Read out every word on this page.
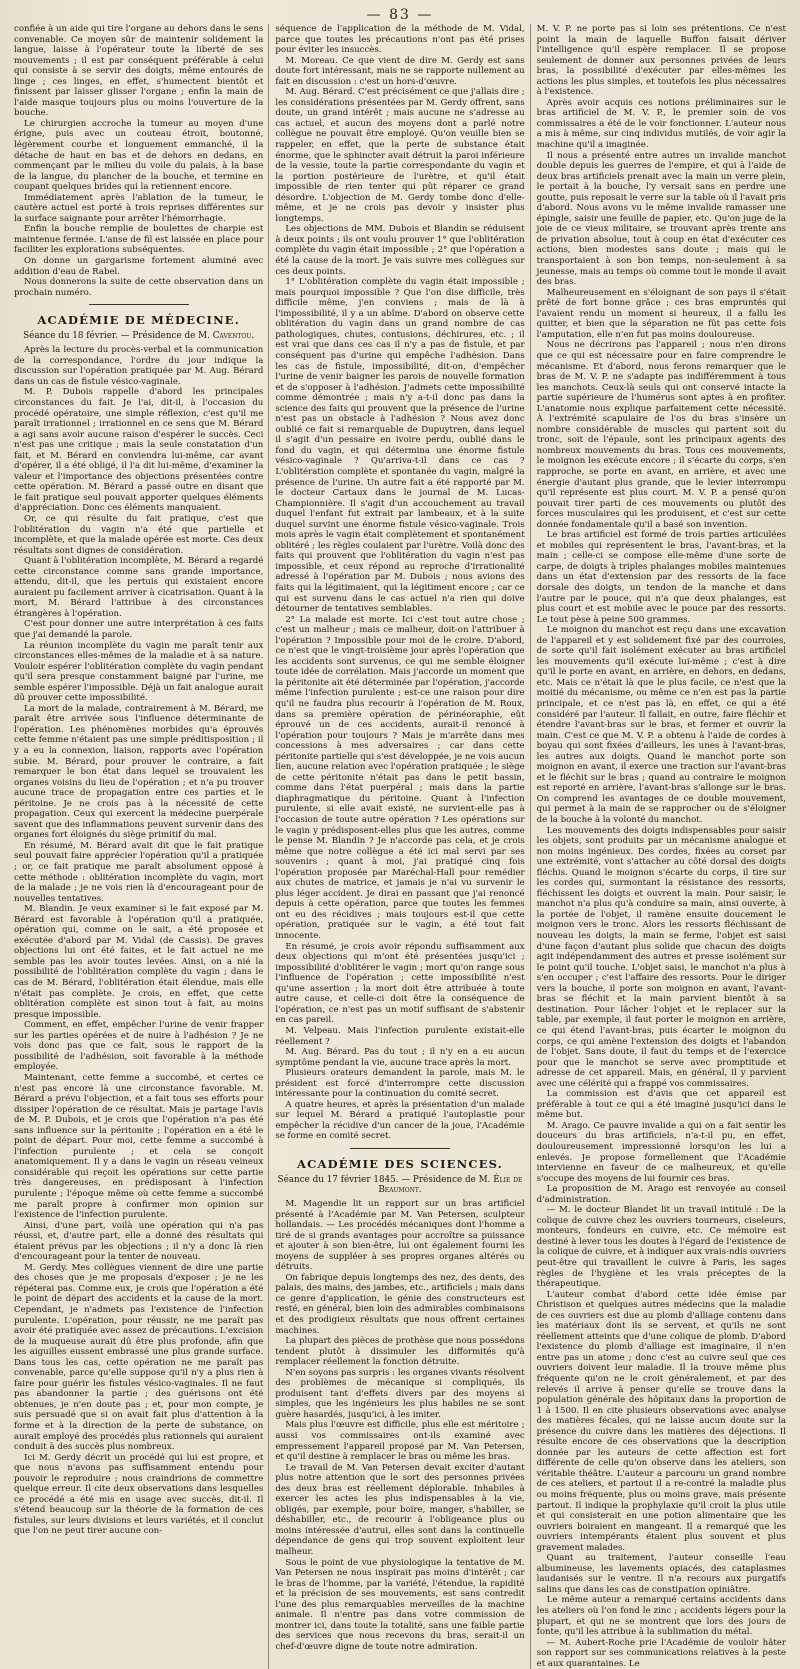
— 83 —

confiée à un aide qui tire l'organe au dehors dans le sens convenable. Ce moyen sûr de maintenir solidement la langue, laisse à l'opérateur toute la liberté de ses mouvements ; il est par conséquent préférable à celui qui consiste à se servir des doigts, même entourés de linge ; ces linges, en effet, s'humectent bientôt et finissent par laisser glisser l'organe ; enfin la main de l'aide masque toujours plus ou moins l'ouverture de la bouche.

Le chirurgien accroche la tumeur au moyen d'une érigne, puis avec un couteau étroit, boutonné, légèrement courbe et longuement emmanché, il la détache de haut en bas et de dehors en dedans, en commençant par le milieu du voile du palais, à la base de la langue, du plancher de la bouche, et termine en coupant quelques brides qui la retiennent encore.

Immédiatement après l'ablation de la tumeur, le cautère actuel est porté à trois reprises différentes sur la surface saignante pour arrêter l'hémorrhagie.

Enfin la bouche remplie de boulettes de charpie est maintenue fermée. L'anse de fil est laissée en place pour faciliter les explorations subséquentes.

On donne un gargarisme fortement aluminé avec addition d'eau de Rabel.

Nous donnerons la suite de cette observation dans un prochain numéro.

ACADÉMIE DE MÉDECINE.
Séance du 18 février. — Présidence de M. Caventou.

Après la lecture du procès-verbal et la communication de la correspondance, l'ordre du jour indique la discussion sur l'opération pratiquée par M. Aug. Bérard dans un cas de fistule vésico-vaginale.

M. P. Dubois rappelle d'abord les principales circonstances du fait. Je l'ai, dit-il, à l'occasion du procédé opératoire, une simple réflexion, c'est qu'il me paraît irrationnel ; irrationnel en ce sens que M. Bérard a agi sans avoir aucune raison d'espérer le succès. Ceci n'est pas une critique ; mais la seule constatation d'un fait, et M. Bérard en conviendra lui-même, car avant d'opérer, il a été obligé, il l'a dit lui-même, d'examiner la valeur et l'importance des objections présentées contre cette opération. M. Bérard a passé outre en disant que le fait pratique seul pouvait apporter quelques éléments d'appréciation. Donc ces éléments manquaient.

Or, ce qui résulte du fait pratique, c'est que l'oblitération du vagin n'a été que partielle et incomplète, et que la malade opérée est morte. Ces deux résultats sont dignes de considération.

Quant à l'oblitération incomplète, M. Bérard a regardé cette circonstance comme sans grande importance, attendu, dit-il, que les pertuis qui existaient encore auraient pu facilement arriver à cicatrisation. Quant à la mort, M. Bérard l'attribue à des circonstances étrangères à l'opération.

C'est pour donner une autre interprétation à ces faits que j'ai demandé la parole.

La réunion incomplète du vagin me paraît tenir aux circonstances elles-mêmes de la maladie et à sa nature. Vouloir espérer l'oblitération complète du vagin pendant qu'il sera presque constamment baigné par l'urine, me semble espérer l'impossible. Déjà un fait analogue aurait dû prouver cette impossibilité.

La mort de la malade, contrairement à M. Bérard, me paraît être arrivée sous l'influence déterminante de l'opération. Les phénomènes morbides qu'a éprouvés cette femme n'étaient pas une simple préditisposition ; il y a eu la connexion, liaison, rapports avec l'opération subie. M. Bérard, pour prouver le contraire, a fait remarquer le bon état dans lequel se trouvaient les organes voisins du lieu de l'opération ; et n'a pu trouver aucune trace de propagation entre ces parties et le péritoine. Je ne crois pas à la nécessité de cette propagation. Ceux qui exercent la médecine puerpérale savent que des inflammations peuvent survenir dans des organes fort éloignés du siège primitif du mal.

En résumé, M. Bérard avait dit que le fait pratique seul pouvait faire apprécier l'opération qu'il a pratiquée ; or, ce fait pratique me paraît absolument opposé à cette méthode : oblitération incomplète du vagin, mort de la malade ; je ne vois rien là d'encourageant pour de nouvelles tentatives.

M. Blandin. Je veux examiner si le fait exposé par M. Bérard est favorable à l'opération qu'il a pratiquée, opération qui, comme on le sait, a été proposée et exécutée d'abord par M. Vidal (de Cassis). De graves objections lui ont été faites, et le fait actuel ne me semble pas les avoir toutes levées. Ainsi, on a nié la possibilité de l'oblitération complète du vagin ; dans le cas de M. Bérard, l'oblitération était élendue, mais elle n'était pas complète. Je crois, en effet, que cette oblitération complète est sinon tout à fait, au moins presque impossible.

Comment, en effet, empêcher l'urine de venir frapper sur les parties opérées et de nuire à l'adhésion ? Je ne vois donc pas que ce fait, sous le rapport de la possibilité de l'adhésion, soit favorable à la méthode employée.

Maintenant, cette femme a succombé, et certes ce n'est pas encore là une circonstance favorable. M. Bérard a prévu l'objection, et a fait tous ses efforts pour dissiper l'opération de ce résultat. Mais je partage l'avis de M. P. Dubois, et je crois que l'opération n'a pas été sans influence sur la péritonite ; l'opération en a été le point de départ. Pour moi, cette femme a succombé à l'infection purulente ; et cela se conçoit anatomiquement. Il y a dans le vagin un réseau veineux considérable qui reçoit les opérations sur cette partie très dangereuses, en prédisposant à l'infection purulente ; l'époque même où cette femme a succombé me paraît propre à confirmer mon opinion sur l'existence de l'infection purulente.

Ainsi, d'une part, voilà une opération qui n'a pas réussi, et, d'autre part, elle a donné des résultats qui étaient prévus par les objections ; il n'y a donc là rien d'encourageant pour la tenter de nouveau.

M. Gerdy. Mes collègues viennent de dire une partie des choses que je me proposais d'exposer ; je ne les répéterai pas. Comme eux, je crois que l'opération a été le point de départ des accidents et la cause de la mort. Cependant, je n'admets pas l'existence de l'infection purulente. L'opération, pour réussir, ne me paraît pas avoir été pratiquée avec assez de précautions. L'excision de la muqueuse aurait dû être plus profonde, afin que les aiguilles eussent embrassé une plus grande surface. Dans tous les cas, cette opération ne me paraît pas convenable, parce qu'elle suppose qu'il n'y a plus rien à faire pour guérir les fistules vésico-vaginales. Il ne faut pas abandonner la partie ; des guérisons ont été obtenues, je n'en doute pas ; et, pour mon compte, je suis persuadé que si on avait fait plus d'attention à la forme et à la direction de la perte de substance, on aurait employé des procédés plus rationnels qui auraient conduit à des succès plus nombreux.

Ici M. Gerdy décrit un procédé qui lui est propre, et que nous n'avons pas suffisamment entendu pour pouvoir le reproduire ; nous craindrions de commettre quelque erreur. Il cite deux observations dans lesquelles ce procédé a été mis en usage avec succès, dit-il. Il s'étend beaucoup sur la théorie de la formation de ces fistules, sur leurs divisions et leurs variétés, et il conclut que l'on ne peut tirer aucune con-

séquence de l'application de la méthode de M. Vidal, parce que toutes les précautions n'ont pas été prises pour éviter les insuccès.

M. Moreau. Ce que vient de dire M. Gerdy est sans doute fort intéressant, mais ne se rapporte nullement au fait en discussion : c'est un hors-d'œuvre.

M. Aug. Bérard. C'est précisément ce que j'allais dire ; les considérations présentées par M. Gerdy offrent, sans doute, un grand intérêt ; mais aucune ne s'adresse au cas actuel, et aucun des moyens dont a parlé notre collègue ne pouvait être employé. Qu'on veuille bien se rappeler, en effet, que la perte de substance était énorme, que le sphincter avait détruit la paroi inférieure de la vessie, toute la partie correspondante du vagin et la portion postérieure de l'urètre, et qu'il était impossible de rien tenter qui pût réparer ce grand désordre. L'objection de M. Gerdy tombe donc d'elle-même, et je ne crois pas devoir y insister plus longtemps.

Les objections de MM. Dubois et Blandin se réduisent à deux points ; ils ont voulu prouver 1° que l'oblitération complète du vagin était impossible ; 2° que l'opération a été la cause de la mort. Je vais suivre mes collègues sur ces deux points.

1° L'oblitération complète du vagin était impossible ; mais pourquoi impossible ? Que l'on dise difficile, très difficile même, j'en conviens ; mais de là à l'impossibilité, il y a un abîme. D'abord on observe cette oblitération du vagin dans un grand nombre de cas pathologiques, chutes, contusions, déchirures, etc. ; il est vrai que dans ces cas il n'y a pas de fistule, et par conséquent pas d'urine qui empêche l'adhésion. Dans les cas de fistule, impossibilité, dit-on, d'empêcher l'urine de venir baigner les parois de nouvelle formation et de s'opposer à l'adhésion. J'admets cette impossibilité comme démontrée ; mais n'y a-t-il donc pas dans la science des faits qui prouvent que la présence de l'urine n'est pas un obstacle à l'adhésion ? Nous avez donc oublié ce fait si remarquable de Dupuytren, dans lequel il s'agit d'un pessaire en ivoire perdu, oublié dans le fond du vagin, et qui détermina une énorme fistule vésico-vaginale ? Qu'arriva-t-il dans ce cas ? L'oblitération complète et spontanée du vagin, malgré la présence de l'urine. Un autre fait a été rapporté par M. le docteur Cartaux dans le journal de M. Lucas-Championnière. Il s'agit d'un accouchement au travail duquel l'enfant fut extrait par lambeaux, et à la suite duquel survint une énorme fistule vésico-vaginale. Trois mois après le vagin était complètement et spontanément oblitéré ; les règles coulaient par l'urètre. Voilà donc des faits qui prouvent que l'oblitération du vagin n'est pas impossible, et ceux répond au reproche d'irrationalité adressé à l'opération par M. Dubois ; nous avions des faits qui la légitimaient, qui la légitiment encore ; car ce qui est survenu dans le cas actuel n'a rien qui doive détourner de tentatives semblables.

2° La malade est morte. Ici c'est tout autre chose ; c'est un malheur ; mais ce malheur, doit-on l'attribuer à l'opération ? Impossible pour moi de le croire. D'abord, ce n'est que le vingt-troisième jour après l'opération que les accidents sont survenus, ce qui me semble éloigner toute idée de corrélation. Mais j'accorde un moment que la péritonite ait été déterminée par l'opération, j'accorde même l'infection purulente ; est-ce une raison pour dire qu'il ne faudra plus recourir à l'opération de M. Roux, dans sa première opération de périnéoraphie, eût éprouvé un de ces accidents, aurait-il renoncé à l'opération pour toujours ? Mais je m'arrête dans mes concessions à mes adversaires ; car dans cette péritonite partielle qui s'est développée, je ne vois aucun lien, aucune relation avec l'opération pratiquée ; le siège de cette péritonite n'était pas dans le petit bassin, comme dans l'état puerpéral ; mais dans la partie diaphragmatique du péritoine. Quant à l'infection purulente, si elle avait existé, ne survient-elle pas à l'occasion de toute autre opération ? Les opérations sur le vagin y prédisposent-elles plus que les autres, comme le pense M. Blandin ? Je n'accorde pas cela, et je crois même que notre collègue a été ici mal servi par ses souvenirs ; quant à moi, j'ai pratiqué cinq fois l'opération proposée par Maréchal-Hall pour remédier aux chutes de matrice, et jamais je n'ai vu survenir le plus léger accident. Je dirai en passant que j'ai renoncé depuis à cette opération, parce que toutes les femmes ont eu des récidives ; mais toujours est-il que cette opération, pratiquée sur le vagin, a été tout fait innocente.

En résumé, je crois avoir répondu suffisamment aux deux objections qui m'ont été présentées jusqu'ici ; impossibilité d'oblitérer le vagin ; mort qu'on range sous l'influence de l'opération ; cette impossibilité n'est qu'une assertion ; la mort doit être attribuée à toute autre cause, et celle-ci doit être la conséquence de l'opération, ce n'est pas un motif suffisant de s'abstenir en cas pareil.

M. Velpeau. Mais l'infection purulente existait-elle réellement ?

M. Aug. Bérard. Pas du tout ; il n'y en a eu aucun symptôme pendant la vie, aucune trace après la mort.

Plusieurs orateurs demandent la parole, mais M. le président est forcé d'interrompre cette discussion intéressante pour la continuation du comité secret.

A quatre heures, et après la présentation d'un malade sur lequel M. Bérard a pratiqué l'autoplastie pour empêcher la récidive d'un cancer de la joue, l'Académie se forme en comité secret.

ACADÉMIE DES SCIENCES.
Séance du 17 février 1845. — Présidence de M. Élie de Beaumont.

M. Magendie lit un rapport sur un bras artificiel présenté à l'Académie par M. Van Petersen, sculpteur hollandais. — Les procédés mécaniques dont l'homme a tiré de si grands avantages pour accroître sa puissance et ajouter à son bien-être, lui ont également fourni les moyens de suppléer à ses propres organes altérés ou détruits.

On fabrique depuis longtemps des nez, des dents, des palais, des mains, des jambes, etc., artificiels ; mais dans ce genre d'application, le génie des constructeurs est resté, en général, bien loin des admirables combinaisons et des prodigieux résultats que nous offrent certaines machines.

La plupart des pièces de prothèse que nous possédons tendent plutôt à dissimuler les difformités qu'à remplacer réellement la fonction détruite.

N'en soyons pas surpris : les organes vivants résolvent des problèmes de mécanique si compliqués, ils produisent tant d'effets divers par des moyens si simples, que les ingénieurs les plus habiles ne se sont guère hasardés, jusqu'ici, à les imiter.

Mais plus l'œuvre est difficile, plus elle est méritoire ; aussi vos commissaires ont-ils examiné avec empressement l'appareil proposé par M. Van Petersen, et qu'il destine à remplacer le bras ou même les bras.

Le travail de M. Van Petersen devait exciter d'autant plus notre attention que le sort des personnes privées des deux bras est réellement déplorable. Inhabiles à exercer les actes les plus indispensables à la vie, obligés, par exemple, pour boire, manger, s'habiller, se déshabiller, etc., de recourir à l'obligeance plus ou moins intéressée d'autrui, elles sont dans la continuelle dépendance de gens qui trop souvent exploitent leur malheur.

Sous le point de vue physiologique la tentative de M. Van Petersen ne nous inspirait pas moins d'intérêt ; car le bras de l'homme, par la variété, l'étendue, la rapidité et la précision de ses mouvements, est sans contredit l'une des plus remarquables merveilles de la machine animale. Il n'entre pas dans votre commission de montrer ici, dans toute la totalité, sans une faible partie des services que nous recevons du bras, serait-il un chef-d'œuvre digne de toute notre admiration.

M. V. P. ne porte pas si loin ses prétentions. Ce n'est point la main de laquelle Buffon faisait dériver l'intelligence qu'il espère remplacer. Il se propose seulement de donner aux personnes privées de leurs bras, la possibilité d'exécuter par elles-mêmes les actions les plus simples, et toutefois les plus nécessaires à l'existence.

Après avoir acquis ces notions préliminaires sur le bras artificiel de M. V. P., le premier soin de vos commissaires a été de le voir fonctionner. L'auteur nous a mis à même, sur cinq individus mutilés, de voir agir la machine qu'il a imaginée.

Il nous a présenté entre autres un invalide manchot double depuis les guerres de l'empire, et qui à l'aide de deux bras artificiels prenait avec la main un verre plein, le portait à la bouche, l'y versait sans en perdre une goutte, puis reposait le verre sur la table où il l'avait pris d'abord. Nous avons vu le même invalide ramasser une épingle, saisir une feuille de papier, etc. Qu'on juge de la joie de ce vieux militaire, se trouvant après trente ans de privation absolue, tout à coup en état d'exécuter ces actions, bien modestes sans doute ; mais qui le transportaient à son bon temps, non-seulement à sa jeunesse, mais au temps où comme tout le monde il avait des bras.

Malheureusement en s'éloignant de son pays il s'était prêté de fort bonne grâce ; ces bras empruntés qui l'avaient rendu un moment si heureux, il a fallu les quitter, et bien que la séparation ne fût pas cette fois l'amputation, elle n'en fut pas moins douloureuse.

Nous ne décrirons pas l'appareil ; nous n'en dirons que ce qui est nécessaire pour en faire comprendre le mécanisme. Et d'abord, nous ferons remarquer que le bras de M. V. P. ne s'adapte pas indifféremment à tous les manchots. Ceux-là seuls qui ont conservé intacte la partie supérieure de l'humérus sont aptes à en profiter. L'anatomie nous explique parfaitement cette nécessité. À l'extrémité scapulaire de l'os du bras s'insère un nombre considérable de muscles qui partent soit du tronc, soit de l'épaule, sont les principaux agents des nombreux mouvements du bras. Tous ces mouvements, le moignon les exécute encore ; il s'écarte du corps, s'en rapproche, se porte en avant, en arrière, et avec une énergie d'autant plus grande, que le levier interrompu qu'il représente est plus court. M. V. P. a pensé qu'on pouvait tirer parti de ces mouvements ou plutôt des forces musculaires qui les produisent, et c'est sur cette donnée fondamentale qu'il a basé son invention.

Le bras artificiel est formé de trois parties articulées et mobiles qui représentent le bras, l'avant-bras, et la main ; celle-ci se compose elle-même d'une sorte de carpe, de doigts à triples phalanges mobiles maintenues dans un état d'extension par des ressorts de la face dorsale des doigts, un tendon de la manche et dans l'autre par le pouce, qui n'a que deux phalanges, est plus court et est mobile avec le pouce par des ressorts. Le tout pèse à peine 500 grammes.

Le moignon du manchot est reçu dans une excavation de l'appareil et y est solidement fixé par des courroies, de sorte qu'il fait isolément exécuter au bras artificiel les mouvements qu'il exécute lui-même ; c'est à dire qu'il le porte en avant, en arrière, en dehors, en dedans, etc. Mais ce n'était là que le plus facile, ce n'est que la moitié du mécanisme, ou même ce n'en est pas la partie principale, et ce n'est pas là, en effet, ce qui a été considéré par l'auteur. Il fallait, en outre, faire fléchir et étendre l'avant-bras sur le bras, et fermer et ouvrir la main. C'est ce que M. V. P. a obtenu à l'aide de cordes à boyau qui sont fixées d'ailleurs, les unes à l'avant-bras, les autres aux doigts. Quand le manchot porte son moignon en avant, il exerce une traction sur l'avant-bras et le fléchit sur le bras ; quand au contraire le moignon est reporté en arrière, l'avant-bras s'allonge sur le bras. On comprend les avantages de ce double mouvement, qui permet à la main de se rapprocher ou de s'éloigner de la bouche à la volonté du manchot.

Les mouvements des doigts indispensables pour saisir les objets, sont produits par un mécanisme analogue et non moins ingénieux. Des cordes, fixées au corset par une extrémité, vont s'attacher au côté dorsal des doigts fléchis. Quand le moignon s'écarte du corps, il tire sur les cordes qui, surmontant la résistance des ressorts, fléchissent les doigts et ouvrent la main. Pour saisir, le manchot n'a plus qu'à conduire sa main, ainsi ouverte, à la portée de l'objet, il ramène ensuite doucement le moignon vers le tronc. Alors les ressorts fléchissant de nouveau les doigts, la main se ferme, l'objet est saisi d'une façon d'autant plus solide que chacun des doigts agit indépendamment des autres et presse isolément sur le point qu'il touche. L'objet saisi, le manchot n'a plus à s'en occuper ; c'est l'affaire des ressorts. Pour le diriger vers la bouche, il porte son moignon en avant, l'avant-bras se fléchit et la main parvient bientôt à sa destination. Pour lâcher l'objet et le replacer sur la table, par exemple, il faut porter le moignon en arrière, ce qui étend l'avant-bras, puis écarter le moignon du corps, ce qui amène l'extension des doigts et l'abandon de l'objet. Sans doute, il faut du temps et de l'exercice pour que le manchot se serve avec promptitude et adresse de cet appareil. Mais, en général, il y parvient avec une célérité qui a frappé vos commissaires.

La commission est d'avis que cet appareil est préférable à tout ce qui a été imaginé jusqu'ici dans le même but.

M. Arago. Ce pauvre invalide a qui on a fait sentir les douceurs du bras artificiels, n'a-t-il pu, en effet, douloureusement impressionné lorsqu'on les lui a enlevés. Je propose formellement que l'Académie intervienne en faveur de ce malheureux, et qu'elle s'occupe des moyens de lui fournir ces bras.

La proposition de M. Arago est renvoyée au conseil d'administration.

— M. le docteur Blandet lit un travail intitulé : De la colique de cuivre chez les ouvriers tourneurs, ciseleurs, monteurs, fondeurs en cuivre, etc. Ce mémoire est destiné à lever tous les doutes à l'égard de l'existence de la colique de cuivre, et à indiquer aux vrais-ndis ouvriers peut-être qui travaillent le cuivre à Paris, les sages règles de l'hygiène et les vrais préceptes de la thérapeutique.

L'auteur combat d'abord cette idée émise par Christison et quelques autres médecins que la maladie de ces ouvriers est due au plomb d'alliage contenu dans les matériaux dont ils se servent, et qu'ils ne sont réellement atteints que d'une colique de plomb. D'abord l'existence du plomb d'alliage est imaginaire, il n'en entre pas un atome ; donc c'est au cuivre seul que ces ouvriers doivent leur maladie. Il la trouve même plus fréquente qu'on ne le croit généralement, et par des relevés il arrive à penser qu'elle se trouve dans la population générale des hôpitaux dans la proportion de 1 à 1500. Il en cite plusieurs observations avec analyse des matières fécales, qui ne laisse aucun doute sur la présence du cuivre dans les matières des déjections. Il résulte encore de ces observations que la description donnée par les auteurs de cette affection est fort différente de celle qu'on observe dans les ateliers, son véritable théâtre. L'auteur a parcouru un grand nombre de ces ateliers, et partout il a re-contré la maladie plus ou moins fréquente, plus ou moins grave, mais présente partout. Il indique la prophylaxie qu'il croit la plus utile et qui consisterait en une potion alimentaire que les ouvriers boiraient en mangeant. Il a remarqué que les ouvriers intempérants étaient plus souvent et plus gravement malades.

Quant au traitement, l'auteur conseille l'eau albumineuse, les lavements opiacés, des cataplasmes laudanisés sur le ventre. Il n'a recours aux purgatifs salins que dans les cas de constipation opiniâtre.

Le même auteur a remarqué certains accidents dans les ateliers où l'on fond le zinc ; accidents légers pour la plupart, et qui ne se montrent que lors des jours de fonte, qu'il les attribue à la sublimation du métal.

— M. Aubert-Roche prie l'Académie de vouloir hâter son rapport sur ses communications relatives à la peste et aux quarantaines. Le
